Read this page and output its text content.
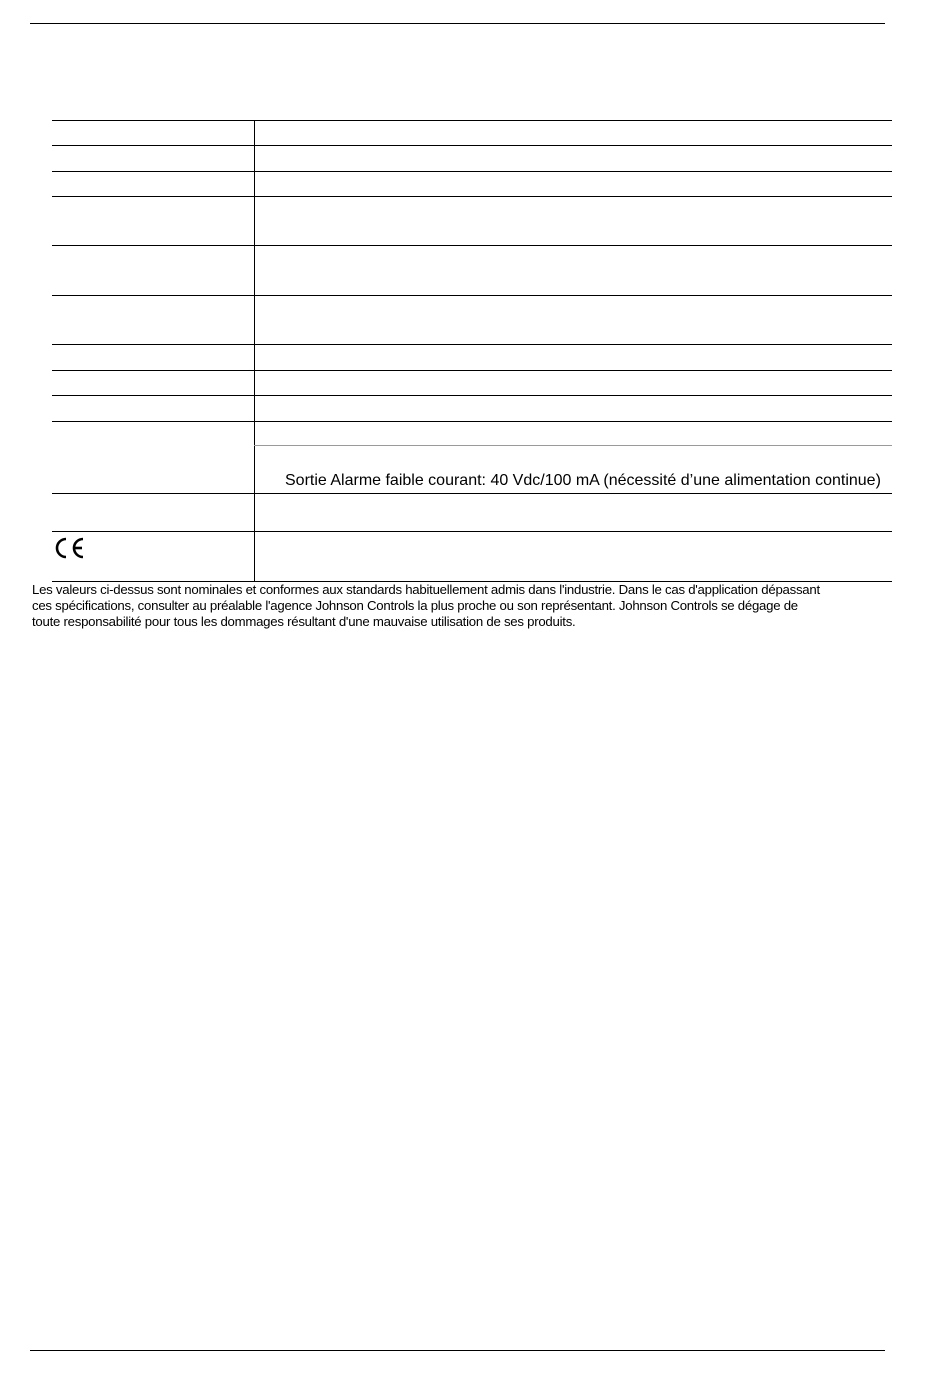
Sortie Alarme faible courant: 40 Vdc/100 mA (nécessité d’une alimentation continue)
Les valeurs ci-dessus sont nominales et conformes aux standards habituellement admis dans l'industrie. Dans le cas d'application dépassant
ces spécifications, consulter au préalable l'agence Johnson Controls la plus proche ou son représentant. Johnson Controls se dégage de
toute responsabilité pour tous les dommages résultant d'une mauvaise utilisation de ses produits.
